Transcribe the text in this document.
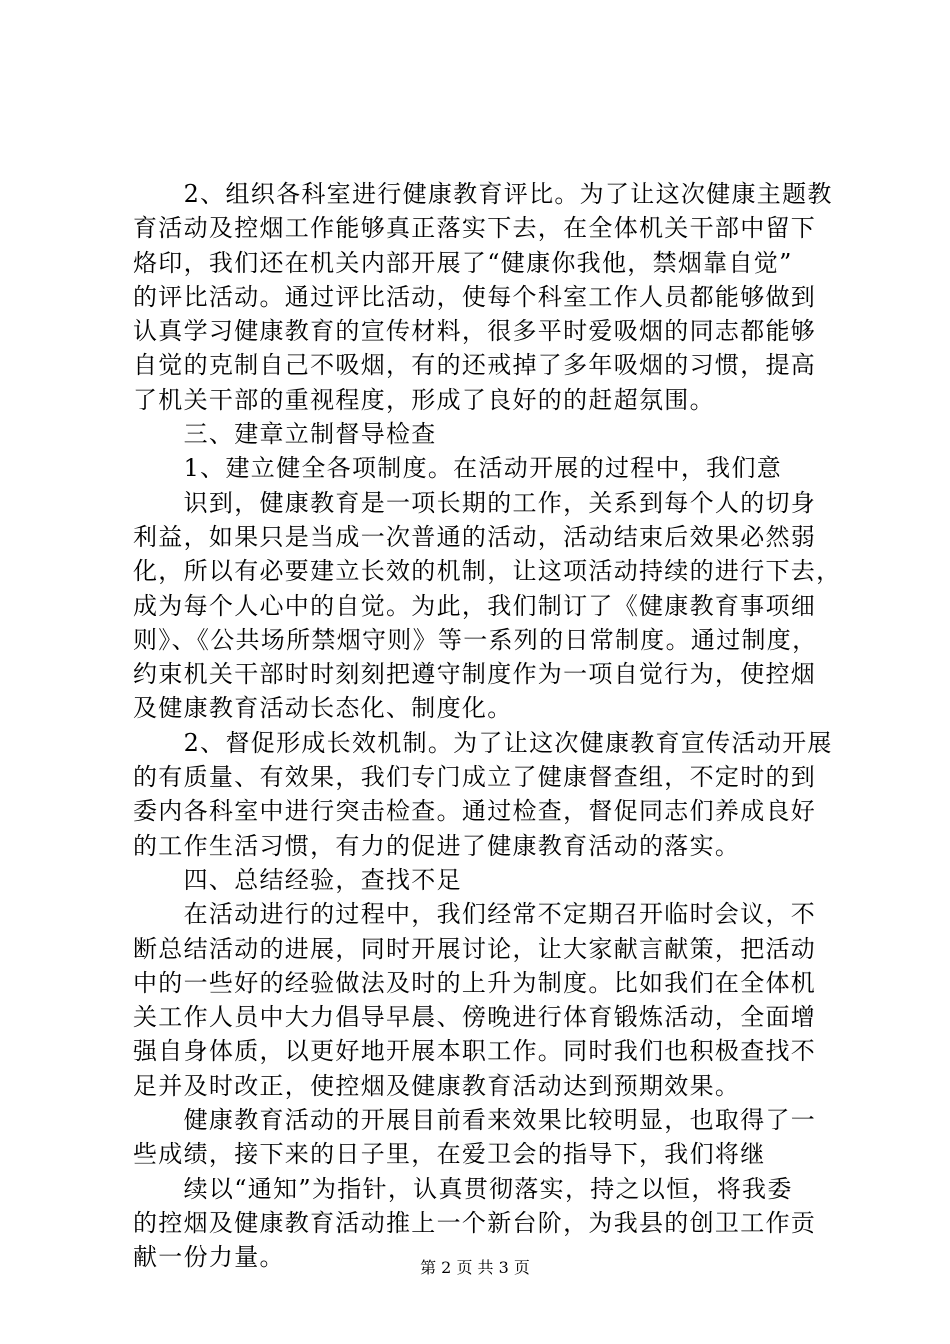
　　2、组织各科室进行健康教育评比。为了让这次健康主题教
育活动及控烟工作能够真正落实下去，在全体机关干部中留下
烙印，我们还在机关内部开展了“健康你我他，禁烟靠自觉”
的评比活动。通过评比活动，使每个科室工作人员都能够做到
认真学习健康教育的宣传材料，很多平时爱吸烟的同志都能够
自觉的克制自己不吸烟，有的还戒掉了多年吸烟的习惯，提高
了机关干部的重视程度，形成了良好的的赶超氛围。
　　三、建章立制督导检查
　　1、建立健全各项制度。在活动开展的过程中，我们意
　　识到，健康教育是一项长期的工作，关系到每个人的切身
利益，如果只是当成一次普通的活动，活动结束后效果必然弱
化，所以有必要建立长效的机制，让这项活动持续的进行下去，
成为每个人心中的自觉。为此，我们制订了《健康教育事项细
则》、《公共场所禁烟守则》等一系列的日常制度。通过制度，
约束机关干部时时刻刻把遵守制度作为一项自觉行为，使控烟
及健康教育活动长态化、制度化。
　　2、督促形成长效机制。为了让这次健康教育宣传活动开展
的有质量、有效果，我们专门成立了健康督查组，不定时的到
委内各科室中进行突击检查。通过检查，督促同志们养成良好
的工作生活习惯，有力的促进了健康教育活动的落实。
　　四、总结经验，查找不足
　　在活动进行的过程中，我们经常不定期召开临时会议，不
断总结活动的进展，同时开展讨论，让大家献言献策，把活动
中的一些好的经验做法及时的上升为制度。比如我们在全体机
关工作人员中大力倡导早晨、傍晚进行体育锻炼活动，全面增
强自身体质，以更好地开展本职工作。同时我们也积极查找不
足并及时改正，使控烟及健康教育活动达到预期效果。
　　健康教育活动的开展目前看来效果比较明显，也取得了一
些成绩，接下来的日子里，在爱卫会的指导下，我们将继
　　续以“通知”为指针，认真贯彻落实，持之以恒，将我委
的控烟及健康教育活动推上一个新台阶，为我县的创卫工作贡
献一份力量。	第 2 页 共 3 页
